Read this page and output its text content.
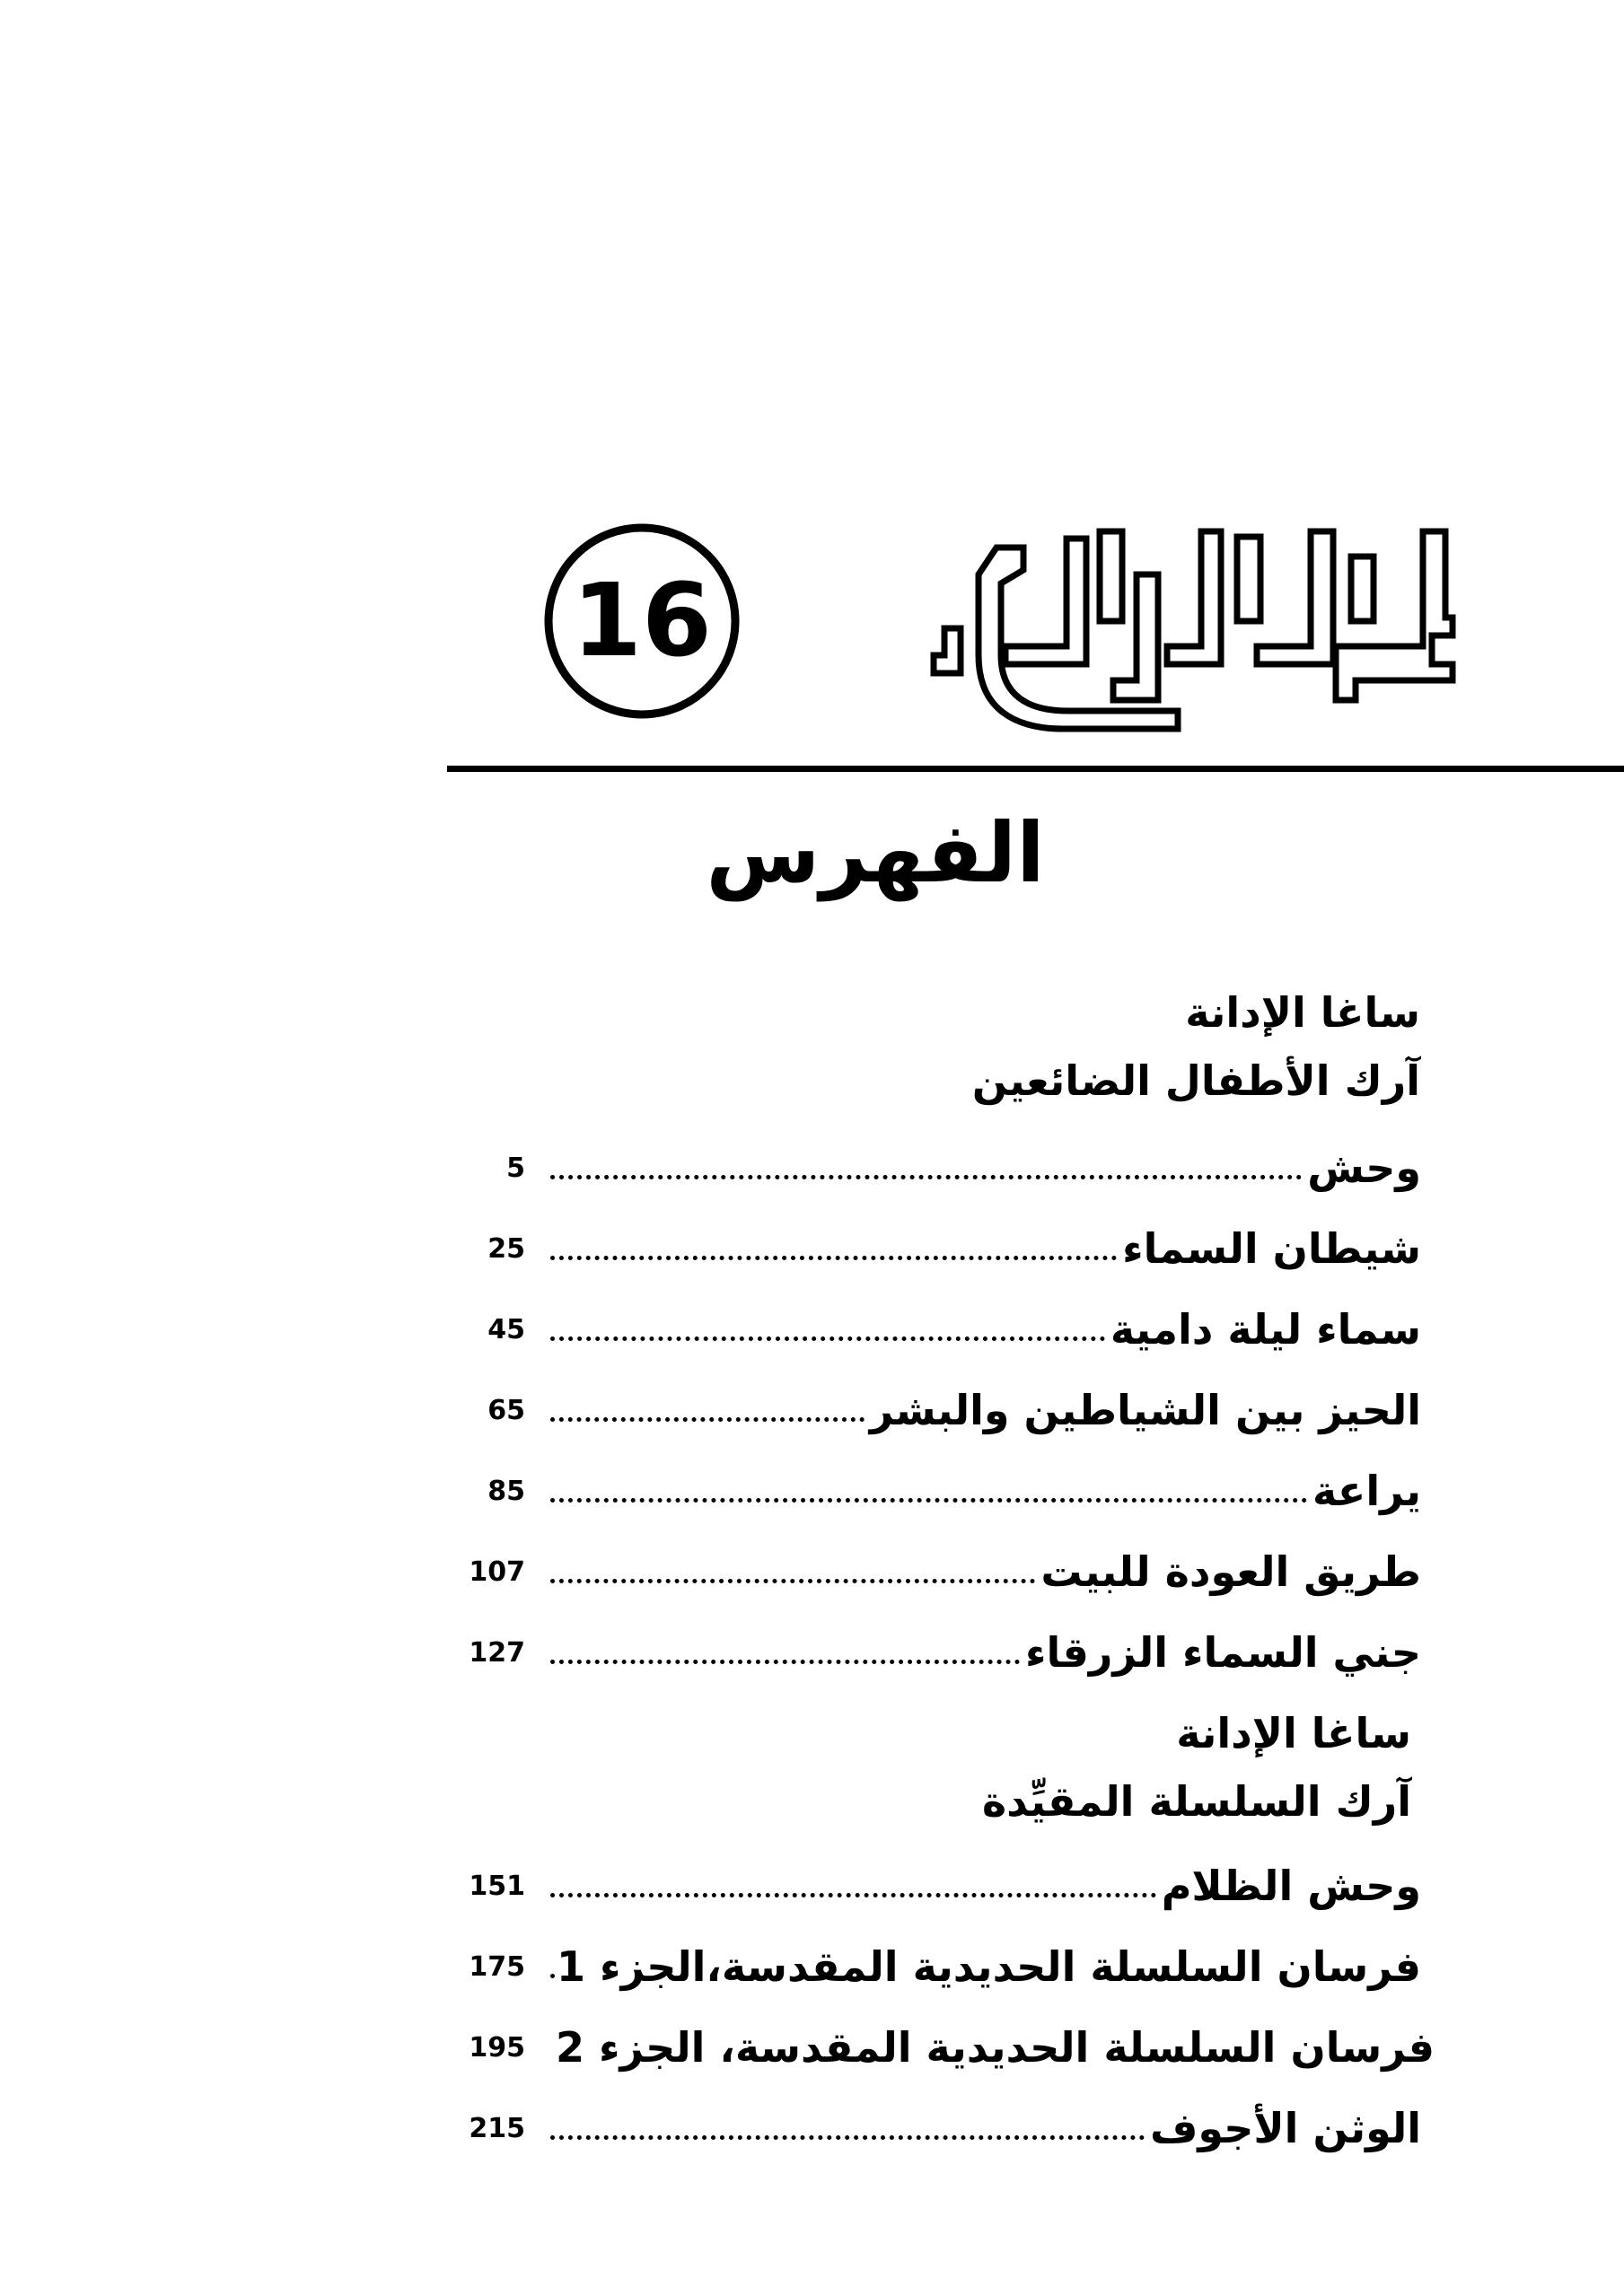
16
الفهرس
ساغا الإدانة
آرك الأطفال الضائعين
5	وحش
25	شيطان السماء
45	سماء ليلة دامية
65	الحيز بين الشياطين والبشر
85	يراعة
107	طريق العودة للبيت
127	جني السماء الزرقاء
ساغا الإدانة
آرك السلسلة المقيِّدة
151	وحش الظلام
175 فرسان السلسلة الحديدية المقدسة،الجزء 1
195 فرسان السلسلة الحديدية المقدسة، الجزء 2
215	الوثن الأجوف
